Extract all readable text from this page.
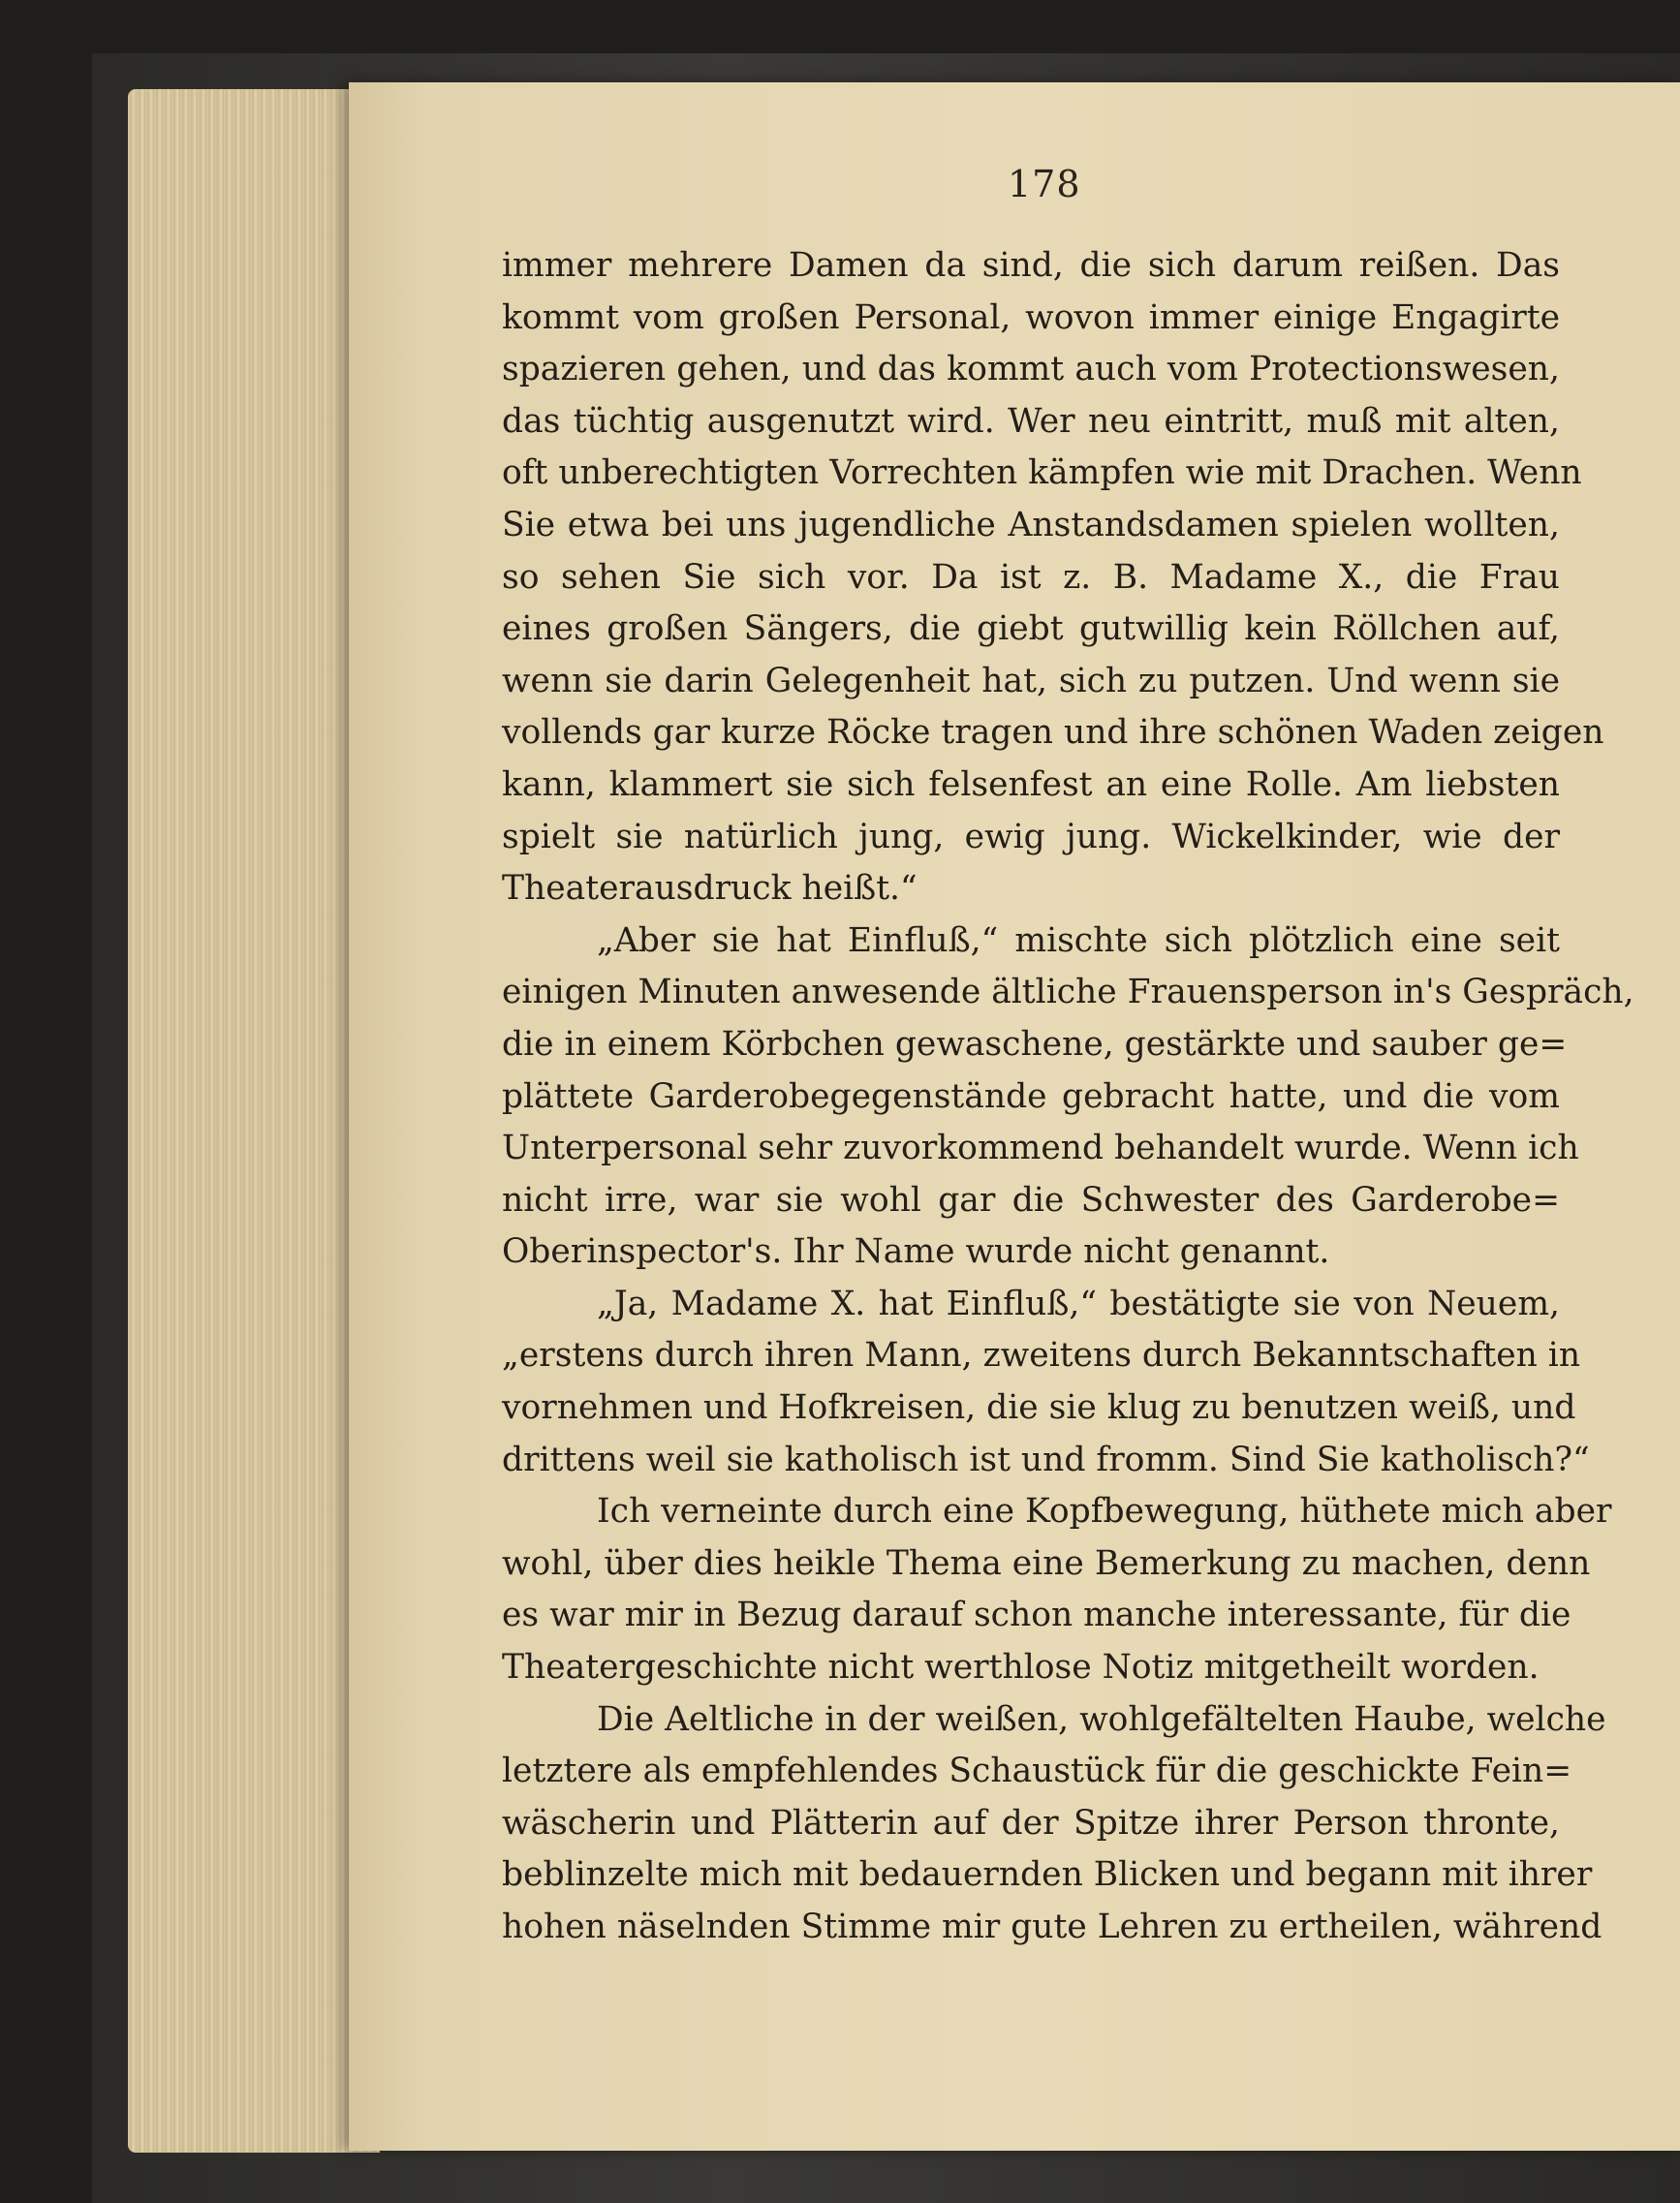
178
immer mehrere Damen da sind, die sich darum reißen. Das
kommt vom großen Personal, wovon immer einige Engagirte
spazieren gehen, und das kommt auch vom Protectionswesen,
das tüchtig ausgenutzt wird. Wer neu eintritt, muß mit alten,
oft unberechtigten Vorrechten kämpfen wie mit Drachen. Wenn
Sie etwa bei uns jugendliche Anstandsdamen spielen wollten,
so sehen Sie sich vor. Da ist z. B. Madame X., die Frau
eines großen Sängers, die giebt gutwillig kein Röllchen auf,
wenn sie darin Gelegenheit hat, sich zu putzen. Und wenn sie
vollends gar kurze Röcke tragen und ihre schönen Waden zeigen
kann, klammert sie sich felsenfest an eine Rolle. Am liebsten
spielt sie natürlich jung, ewig jung. Wickelkinder, wie der
Theaterausdruck heißt.“
„Aber sie hat Einfluß,“ mischte sich plötzlich eine seit
einigen Minuten anwesende ältliche Frauensperson in's Gespräch,
die in einem Körbchen gewaschene, gestärkte und sauber ge=
plättete Garderobegegenstände gebracht hatte, und die vom
Unterpersonal sehr zuvorkommend behandelt wurde. Wenn ich
nicht irre, war sie wohl gar die Schwester des Garderobe=
Oberinspector's. Ihr Name wurde nicht genannt.
„Ja, Madame X. hat Einfluß,“ bestätigte sie von Neuem,
„erstens durch ihren Mann, zweitens durch Bekanntschaften in
vornehmen und Hofkreisen, die sie klug zu benutzen weiß, und
drittens weil sie katholisch ist und fromm. Sind Sie katholisch?“
Ich verneinte durch eine Kopfbewegung, hüthete mich aber
wohl, über dies heikle Thema eine Bemerkung zu machen, denn
es war mir in Bezug darauf schon manche interessante, für die
Theatergeschichte nicht werthlose Notiz mitgetheilt worden.
Die Aeltliche in der weißen, wohlgefältelten Haube, welche
letztere als empfehlendes Schaustück für die geschickte Fein=
wäscherin und Plätterin auf der Spitze ihrer Person thronte,
beblinzelte mich mit bedauernden Blicken und begann mit ihrer
hohen näselnden Stimme mir gute Lehren zu ertheilen, während
